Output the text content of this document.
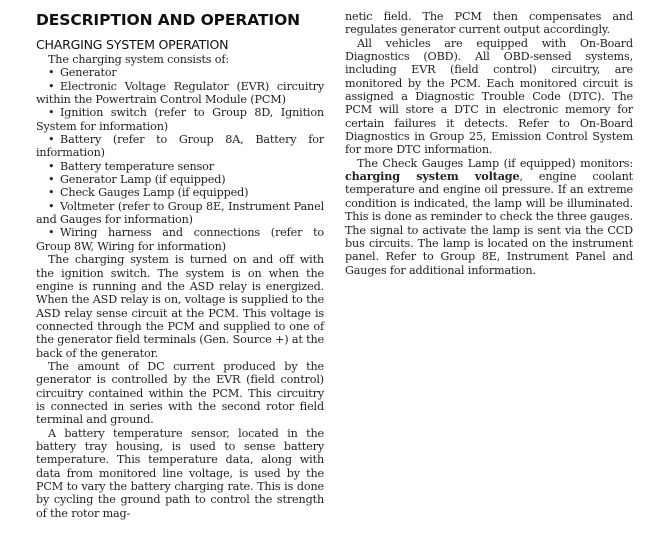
DESCRIPTION AND OPERATION
CHARGING SYSTEM OPERATION

The charging system consists of:

• Generator
• Electronic Voltage Regulator (EVR) circuitry within the Powertrain Control Module (PCM)
• Ignition switch (refer to Group 8D, Ignition System for information)
• Battery (refer to Group 8A, Battery for information)
• Battery temperature sensor
• Generator Lamp (if equipped)
• Check Gauges Lamp (if equipped)
• Voltmeter (refer to Group 8E, Instrument Panel and Gauges for information)
• Wiring harness and connections (refer to Group 8W, Wiring for information)

The charging system is turned on and off with the ignition switch. The system is on when the engine is running and the ASD relay is energized. When the ASD relay is on, voltage is supplied to the ASD relay sense circuit at the PCM. This voltage is connected through the PCM and supplied to one of the generator field terminals (Gen. Source +) at the back of the generator.

The amount of DC current produced by the generator is controlled by the EVR (field control) circuitry contained within the PCM. This circuitry is connected in series with the second rotor field terminal and ground.

A battery temperature sensor, located in the battery tray housing, is used to sense battery temperature. This temperature data, along with data from monitored line voltage, is used by the PCM to vary the battery charging rate. This is done by cycling the ground path to control the strength of the rotor mag-

netic field. The PCM then compensates and regulates generator current output accordingly.

All vehicles are equipped with On-Board Diagnostics (OBD). All OBD-sensed systems, including EVR (field control) circuitry, are monitored by the PCM. Each monitored circuit is assigned a Diagnostic Trouble Code (DTC). The PCM will store a DTC in electronic memory for certain failures it detects. Refer to On-Board Diagnostics in Group 25, Emission Control System for more DTC information.

The Check Gauges Lamp (if equipped) monitors: charging system voltage, engine coolant temperature and engine oil pressure. If an extreme condition is indicated, the lamp will be illuminated. This is done as reminder to check the three gauges. The signal to activate the lamp is sent via the CCD bus circuits. The lamp is located on the instrument panel. Refer to Group 8E, Instrument Panel and Gauges for additional information.
